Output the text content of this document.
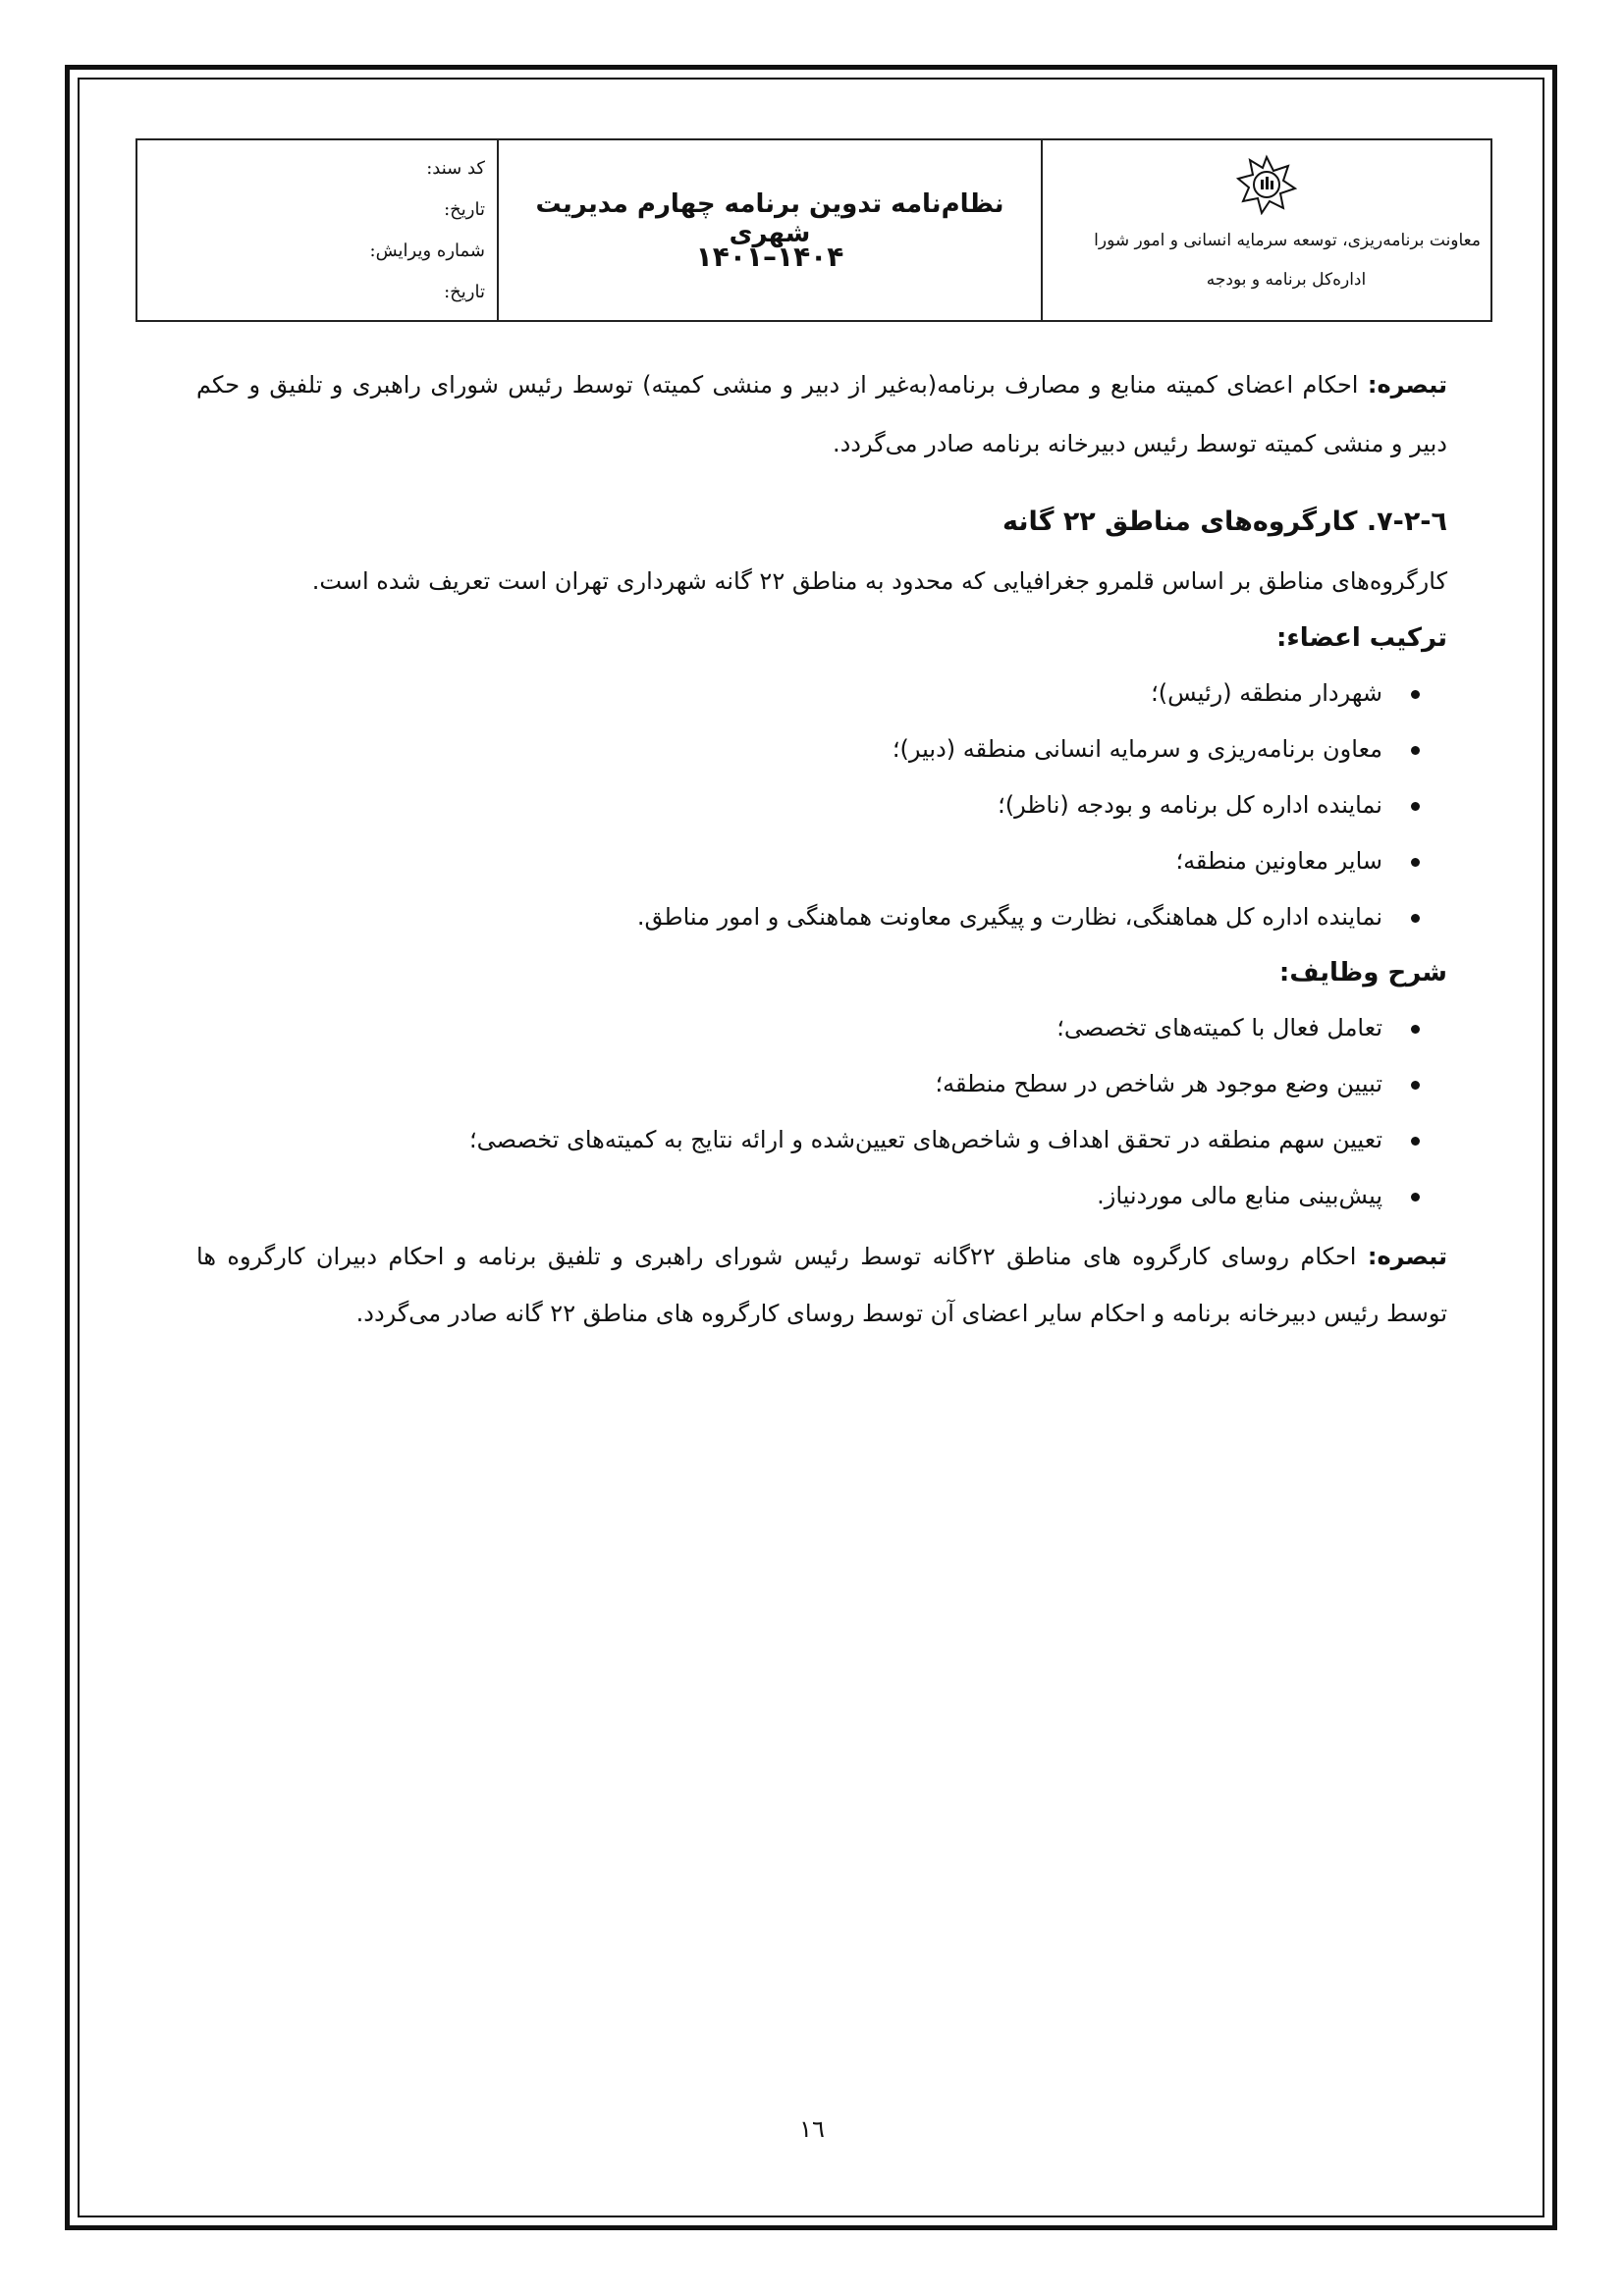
معاونت برنامه‌ریزی، توسعه سرمایه انسانی و امور شورا
اداره‌کل برنامه و بودجه
نظام‌نامه تدوین برنامه چهارم مدیریت شهری
۱۴۰۴–۱۴۰۱
کد سند:
تاریخ:
شماره ویرایش:
تاریخ:

تبصره: احکام اعضای کمیته منابع و مصارف برنامه(به‌غیر از دبیر و منشی کمیته) توسط رئیس شورای راهبری و تلفیق و حکم دبیر و منشی کمیته توسط رئیس دبیرخانه برنامه صادر می‌گردد.

٦-٢-٧. کارگروه‌های مناطق ۲۲ گانه

کارگروه‌های مناطق بر اساس قلمرو جغرافیایی که محدود به مناطق ۲۲ گانه شهرداری تهران است تعریف شده است.

ترکیب اعضاء:
شهردار منطقه (رئیس)؛
معاون برنامه‌ریزی و سرمایه انسانی منطقه (دبیر)؛
نماینده اداره کل برنامه و بودجه (ناظر)؛
سایر معاونین منطقه؛
نماینده اداره کل هماهنگی، نظارت و پیگیری معاونت هماهنگی و امور مناطق.
شرح وظایف:
تعامل فعال با کمیته‌های تخصصی؛
تبیین وضع موجود هر شاخص در سطح منطقه؛
تعیین سهم منطقه در تحقق اهداف و شاخص‌های تعیین‌شده و ارائه نتایج به کمیته‌های تخصصی؛
پیش‌بینی منابع مالی موردنیاز.

تبصره: احکام روسای کارگروه های مناطق ۲۲گانه توسط رئیس شورای راهبری و تلفیق برنامه و احکام دبیران کارگروه ها توسط رئیس دبیرخانه برنامه و احکام سایر اعضای آن توسط روسای کارگروه های مناطق ۲۲ گانه صادر می‌گردد.

۱٦
